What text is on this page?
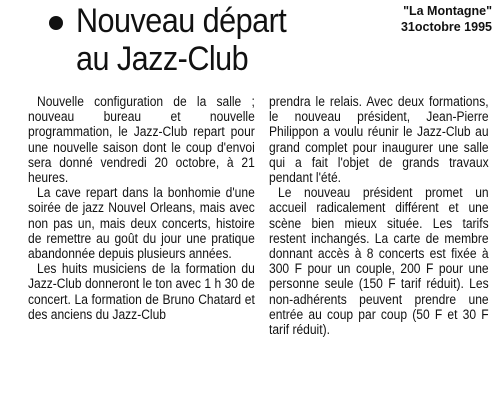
Nouveau départ
au Jazz-Club
"La Montagne"
31octobre 1995

Nouvelle configuration de la salle ; nouveau bureau et nouvelle programmation, le Jazz-Club repart pour une nouvelle saison dont le coup d'envoi sera donné vendredi 20 octobre, à 21 heures.

La cave repart dans la bonhomie d'une soirée de jazz Nouvel Orleans, mais avec non pas un, mais deux concerts, histoire de remettre au goût du jour une pratique abandonnée depuis plusieurs années.

Les huits musiciens de la formation du Jazz-Club donneront le ton avec 1 h 30 de concert. La formation de Bruno Chatard et des anciens du Jazz-Club

prendra le relais. Avec deux formations, le nouveau président, Jean-Pierre Philippon a voulu réunir le Jazz-Club au grand complet pour inaugurer une salle qui a fait l'objet de grands travaux pendant l'été.

Le nouveau président promet un accueil radicalement différent et une scène bien mieux située. Les tarifs restent inchangés. La carte de membre donnant accès à 8 concerts est fixée à 300 F pour un couple, 200 F pour une personne seule (150 F tarif réduit). Les non-adhérents peuvent prendre une entrée au coup par coup (50 F et 30 F tarif réduit).
